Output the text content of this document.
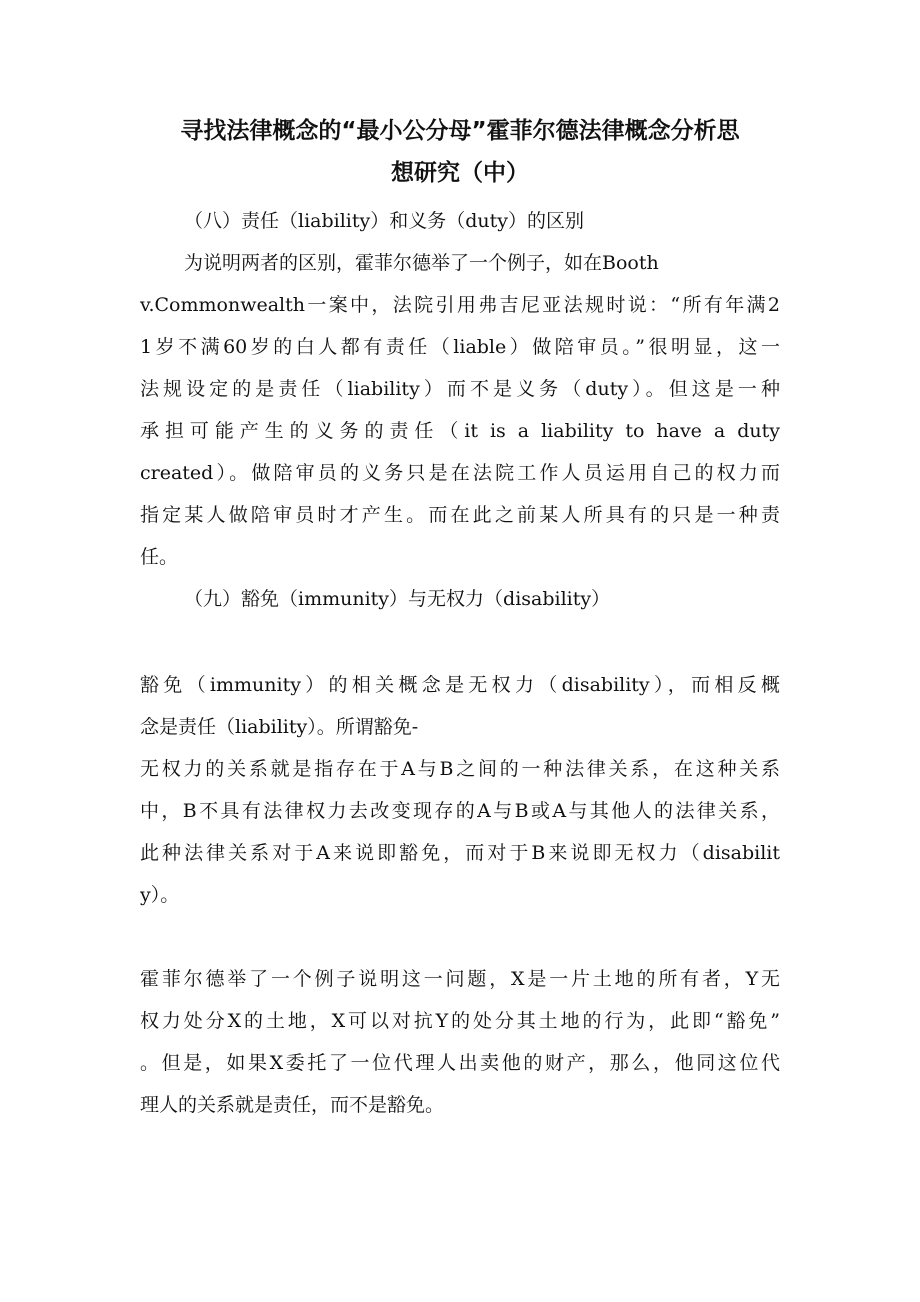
寻找法律概念的“最小公分母”霍菲尔德法律概念分析思
想研究（中）

（八）责任（liability）和义务（duty）的区别

为说明两者的区别，霍菲尔德举了一个例子，如在Booth

v.Commonwealth一案中，法院引用弗吉尼亚法规时说：“所有年满2

1岁不满60岁的白人都有责任（liable）做陪审员。”很明显，这一

法规设定的是责任（liability）而不是义务（duty）。但这是一种

承担可能产生的义务的责任（it is a liability to have a duty

created）。做陪审员的义务只是在法院工作人员运用自己的权力而

指定某人做陪审员时才产生。而在此之前某人所具有的只是一种责

任。

（九）豁免（immunity）与无权力（disability）

豁免（immunity）的相关概念是无权力（disability），而相反概

念是责任（liability）。所谓豁免-

无权力的关系就是指存在于A与B之间的一种法律关系，在这种关系

中，B不具有法律权力去改变现存的A与B或A与其他人的法律关系，

此种法律关系对于A来说即豁免，而对于B来说即无权力（disabilit

y）。

霍菲尔德举了一个例子说明这一问题，X是一片土地的所有者，Y无

权力处分X的土地，X可以对抗Y的处分其土地的行为，此即“豁免”

。但是，如果X委托了一位代理人出卖他的财产，那么，他同这位代

理人的关系就是责任，而不是豁免。
